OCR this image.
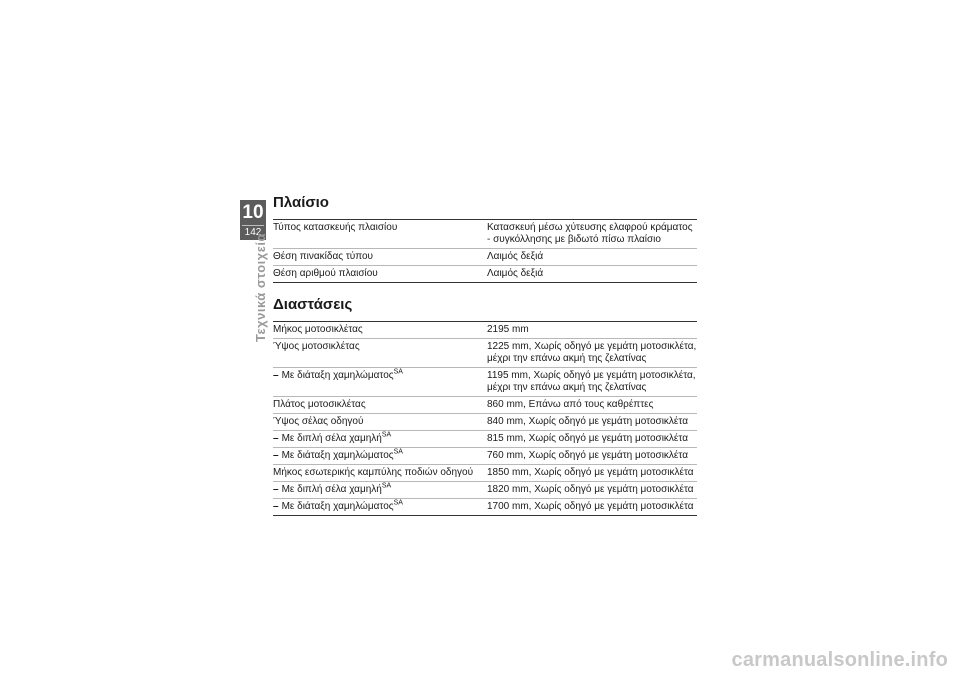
10
142
Τεχνικά στοιχεία
Πλαίσιο
Τύπος κατασκευής πλαισίου	Κατασκευή μέσω χύτευσης ελαφρού κράματος - συγκόλλησης με βιδωτό πίσω πλαίσιο
Θέση πινακίδας τύπου	Λαιμός δεξιά
Θέση αριθμού πλαισίου	Λαιμός δεξιά
Διαστάσεις
Μήκος μοτοσικλέτας	2195 mm
Ύψος μοτοσικλέτας	1225 mm, Χωρίς οδηγό με γεμάτη μοτοσικλέτα, μέχρι την επάνω ακμή της ζελατίνας
– Με διάταξη χαμηλώματος$^{SA}$	1195 mm, Χωρίς οδηγό με γεμάτη μοτοσικλέτα, μέχρι την επάνω ακμή της ζελατίνας
Πλάτος μοτοσικλέτας	860 mm, Επάνω από τους καθρέπτες
Ύψος σέλας οδηγού	840 mm, Χωρίς οδηγό με γεμάτη μοτοσικλέτα
– Με διπλή σέλα χαμηλή$^{SA}$	815 mm, Χωρίς οδηγό με γεμάτη μοτοσικλέτα
– Με διάταξη χαμηλώματος$^{SA}$	760 mm, Χωρίς οδηγό με γεμάτη μοτοσικλέτα
Μήκος εσωτερικής καμπύλης ποδιών οδηγού	1850 mm, Χωρίς οδηγό με γεμάτη μοτοσικλέτα
– Με διπλή σέλα χαμηλή$^{SA}$	1820 mm, Χωρίς οδηγό με γεμάτη μοτοσικλέτα
– Με διάταξη χαμηλώματος$^{SA}$	1700 mm, Χωρίς οδηγό με γεμάτη μοτοσικλέτα
carmanualsonline.info
